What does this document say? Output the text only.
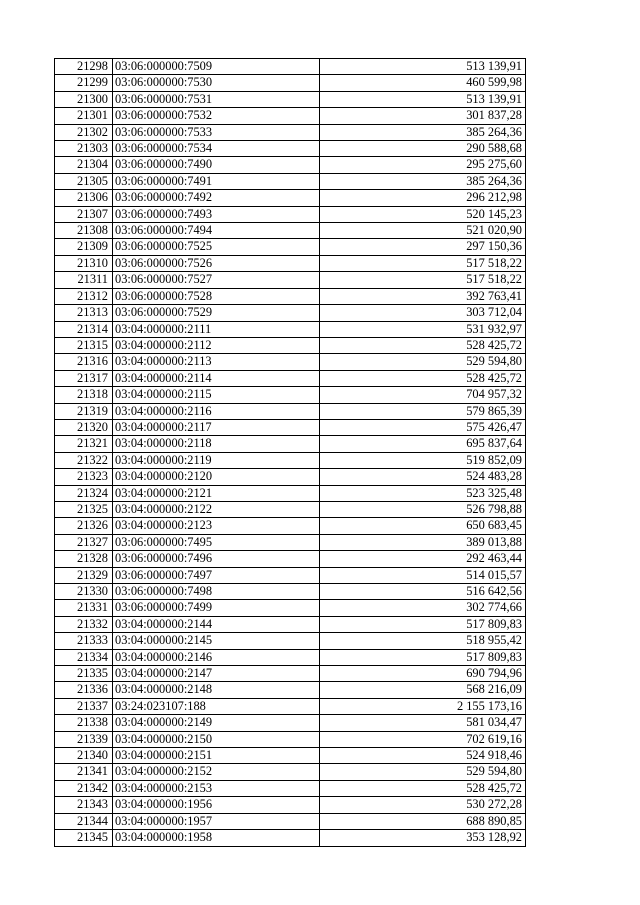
21298	03:06:000000:7509	513 139,91
21299	03:06:000000:7530	460 599,98
21300	03:06:000000:7531	513 139,91
21301	03:06:000000:7532	301 837,28
21302	03:06:000000:7533	385 264,36
21303	03:06:000000:7534	290 588,68
21304	03:06:000000:7490	295 275,60
21305	03:06:000000:7491	385 264,36
21306	03:06:000000:7492	296 212,98
21307	03:06:000000:7493	520 145,23
21308	03:06:000000:7494	521 020,90
21309	03:06:000000:7525	297 150,36
21310	03:06:000000:7526	517 518,22
21311	03:06:000000:7527	517 518,22
21312	03:06:000000:7528	392 763,41
21313	03:06:000000:7529	303 712,04
21314	03:04:000000:2111	531 932,97
21315	03:04:000000:2112	528 425,72
21316	03:04:000000:2113	529 594,80
21317	03:04:000000:2114	528 425,72
21318	03:04:000000:2115	704 957,32
21319	03:04:000000:2116	579 865,39
21320	03:04:000000:2117	575 426,47
21321	03:04:000000:2118	695 837,64
21322	03:04:000000:2119	519 852,09
21323	03:04:000000:2120	524 483,28
21324	03:04:000000:2121	523 325,48
21325	03:04:000000:2122	526 798,88
21326	03:04:000000:2123	650 683,45
21327	03:06:000000:7495	389 013,88
21328	03:06:000000:7496	292 463,44
21329	03:06:000000:7497	514 015,57
21330	03:06:000000:7498	516 642,56
21331	03:06:000000:7499	302 774,66
21332	03:04:000000:2144	517 809,83
21333	03:04:000000:2145	518 955,42
21334	03:04:000000:2146	517 809,83
21335	03:04:000000:2147	690 794,96
21336	03:04:000000:2148	568 216,09
21337	03:24:023107:188	2 155 173,16
21338	03:04:000000:2149	581 034,47
21339	03:04:000000:2150	702 619,16
21340	03:04:000000:2151	524 918,46
21341	03:04:000000:2152	529 594,80
21342	03:04:000000:2153	528 425,72
21343	03:04:000000:1956	530 272,28
21344	03:04:000000:1957	688 890,85
21345	03:04:000000:1958	353 128,92
